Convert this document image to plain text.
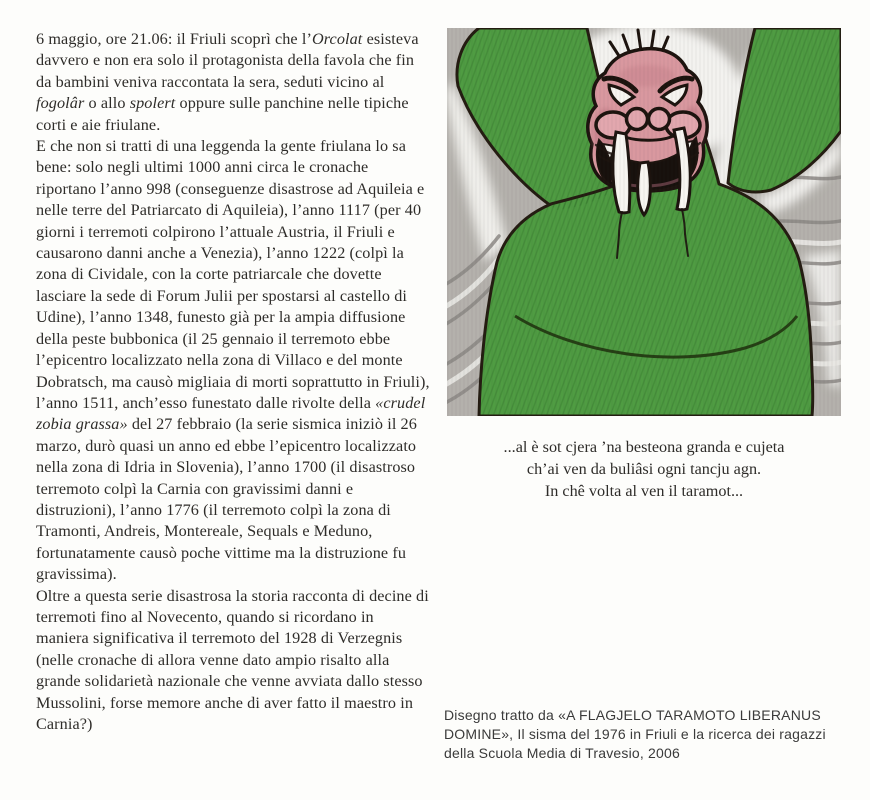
6 maggio, ore 21.06: il Friuli scoprì che l’Orcolat esisteva davvero e non era solo il protagonista della favola che fin da bambini veniva raccontata la sera, seduti vicino al fogolâr o allo spolert oppure sulle panchine nelle tipiche corti e aie friulane.

E che non si tratti di una leggenda la gente friulana lo sa bene: solo negli ultimi 1000 anni circa le cronache riportano l’anno 998 (conseguenze disastrose ad Aquileia e nelle terre del Patriarcato di Aquileia), l’anno 1117 (per 40 giorni i terremoti colpirono l’attuale Austria, il Friuli e causarono danni anche a Venezia), l’anno 1222 (colpì la zona di Cividale, con la corte patriarcale che dovette lasciare la sede di Forum Julii per spostarsi al castello di Udine), l’anno 1348, funesto già per la ampia diffusione della peste bubbonica (il 25 gennaio il terremoto ebbe l’epicentro localizzato nella zona di Villaco e del monte Dobratsch, ma causò migliaia di morti soprattutto in Friuli), l’anno 1511, anch’esso funestato dalle rivolte della «crudel zobia grassa» del 27 febbraio (la serie sismica iniziò il 26 marzo, durò quasi un anno ed ebbe l’epicentro localizzato nella zona di Idria in Slovenia), l’anno 1700 (il disastroso terremoto colpì la Carnia con gravissimi danni e distruzioni), l’anno 1776 (il terremoto colpì la zona di Tramonti, Andreis, Montereale, Sequals e Meduno, fortunatamente causò poche vittime ma la distruzione fu gravissima).

Oltre a questa serie disastrosa la storia racconta di decine di terremoti fino al Novecento, quando si ricordano in maniera significativa il terremoto del 1928 di Verzegnis (nelle cronache di allora venne dato ampio risalto alla grande solidarietà nazionale che venne avviata dallo stesso Mussolini, forse memore anche di aver fatto il maestro in Carnia?)

...al è sot cjera ’na besteona granda e cujeta
ch’ai ven da buliâsi ogni tancju agn.
In chê volta al ven il taramot...
Disegno tratto da «A FLAGJELO TARAMOTO LIBERANUS
DOMINE», Il sisma del 1976 in Friuli e la ricerca dei ragazzi
della Scuola Media di Travesio, 2006
